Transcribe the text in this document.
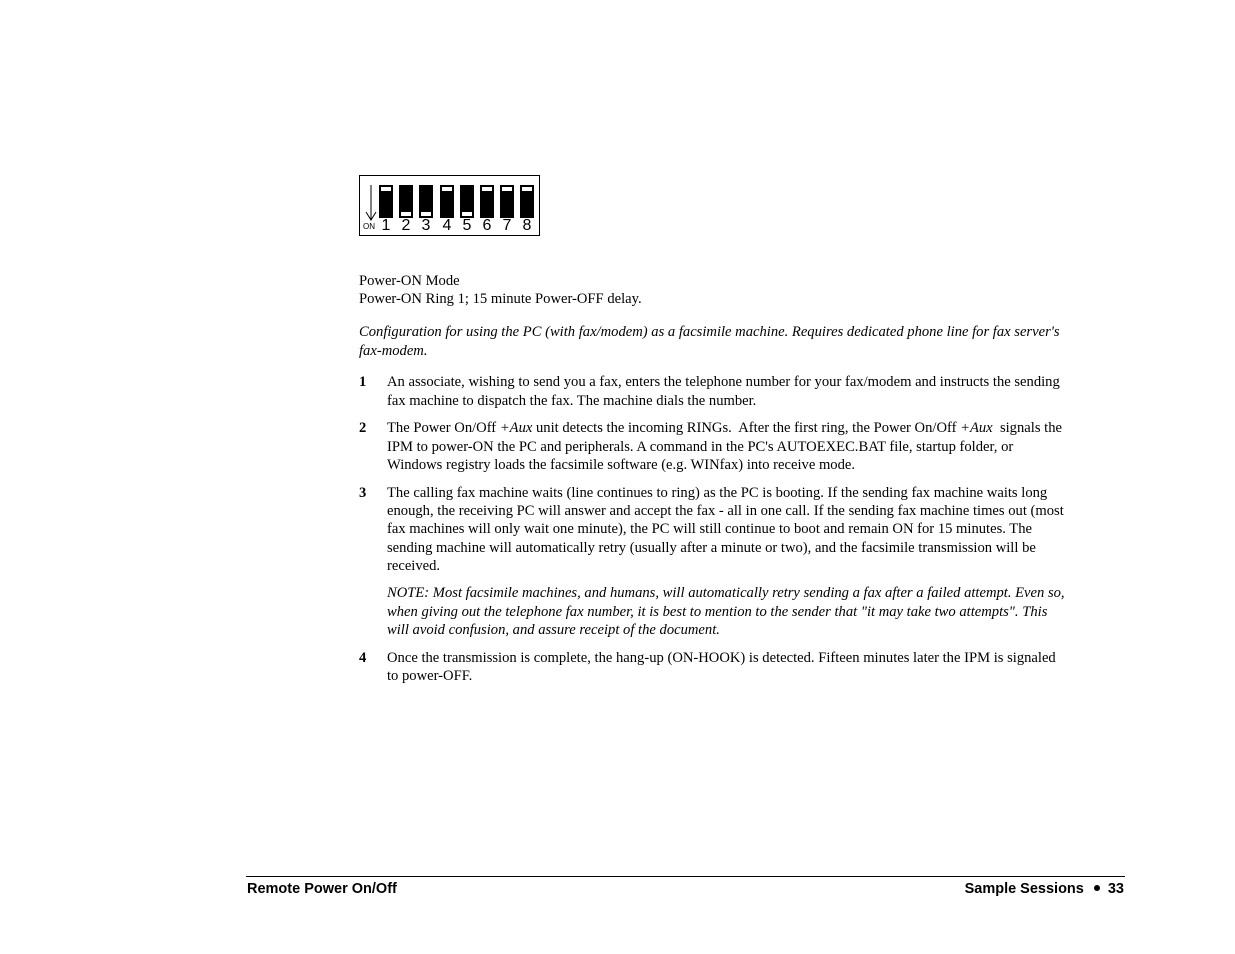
ON 1 2 3 4 5 6 7 8
Power-ON Mode
Power-ON Ring 1; 15 minute Power-OFF delay.
Configuration for using the PC (with fax/modem) as a facsimile machine. Requires dedicated phone line for fax server's
fax-modem.
1 An associate, wishing to send you a fax, enters the telephone number for your fax/modem and instructs the sending
fax machine to dispatch the fax. The machine dials the number.
2 The Power On/Off +Aux unit detects the incoming RINGs.  After the first ring, the Power On/Off +Aux  signals the
IPM to power-ON the PC and peripherals. A command in the PC's AUTOEXEC.BAT file, startup folder, or
Windows registry loads the facsimile software (e.g. WINfax) into receive mode.
3 The calling fax machine waits (line continues to ring) as the PC is booting. If the sending fax machine waits long
enough, the receiving PC will answer and accept the fax - all in one call. If the sending fax machine times out (most
fax machines will only wait one minute), the PC will still continue to boot and remain ON for 15 minutes. The
sending machine will automatically retry (usually after a minute or two), and the facsimile transmission will be
received.
NOTE: Most facsimile machines, and humans, will automatically retry sending a fax after a failed attempt. Even so,
when giving out the telephone fax number, it is best to mention to the sender that "it may take two attempts". This
will avoid confusion, and assure receipt of the document.
4 Once the transmission is complete, the hang-up (ON-HOOK) is detected. Fifteen minutes later the IPM is signaled
to power-OFF.
Remote Power On/Off	Sample Sessions 33
